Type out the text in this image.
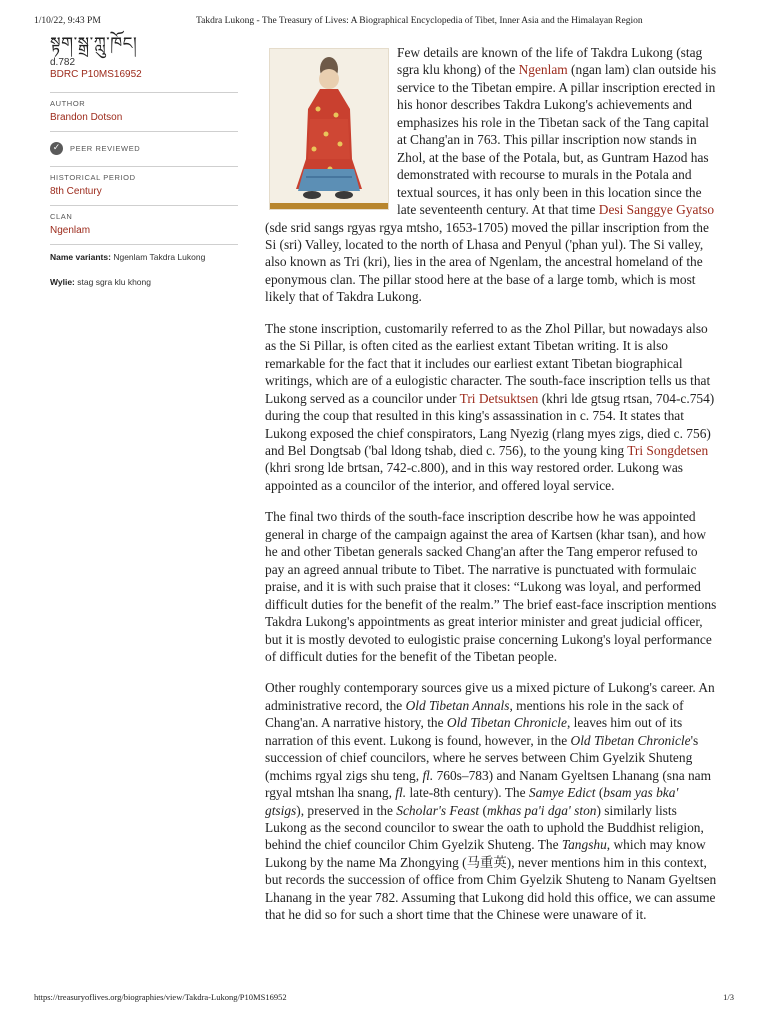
1/10/22, 9:43 PM	Takdra Lukong - The Treasury of Lives: A Biographical Encyclopedia of Tibet, Inner Asia and the Himalayan Region
སྟག་སྒྲ་ཀླུ་ཁོང།
d.782
BDRC P10MS16952
AUTHOR
Brandon Dotson
✓	PEER REVIEWED
HISTORICAL PERIOD
8th Century
CLAN
Ngenlam
Name variants: Ngenlam Takdra Lukong
Wylie: stag sgra klu khong

Few details are known of the life of Takdra Lukong (stag sgra klu khong) of the Ngenlam (ngan lam) clan outside his service to the Tibetan empire. A pillar inscription erected in his honor describes Takdra Lukong's achievements and emphasizes his role in the Tibetan sack of the Tang capital at Chang'an in 763. This pillar inscription now stands in Zhol, at the base of the Potala, but, as Guntram Hazod has demonstrated with recourse to murals in the Potala and textual sources, it has only been in this location since the late seventeenth century. At that time Desi Sanggye Gyatso (sde srid sangs rgyas rgya mtsho, 1653-1705) moved the pillar inscription from the Si (sri) Valley, located to the north of Lhasa and Penyul ('phan yul). The Si valley, also known as Tri (kri), lies in the area of Ngenlam, the ancestral homeland of the eponymous clan. The pillar stood here at the base of a large tomb, which is most likely that of Takdra Lukong.

The stone inscription, customarily referred to as the Zhol Pillar, but nowadays also as the Si Pillar, is often cited as the earliest extant Tibetan writing. It is also remarkable for the fact that it includes our earliest extant Tibetan biographical writings, which are of a eulogistic character. The south-face inscription tells us that Lukong served as a councilor under Tri Detsuktsen (khri lde gtsug rtsan, 704-c.754) during the coup that resulted in this king's assassination in c. 754. It states that Lukong exposed the chief conspirators, Lang Nyezig (rlang myes zigs, died c. 756) and Bel Dongtsab ('bal ldong tshab, died c. 756), to the young king Tri Songdetsen (khri srong lde brtsan, 742-c.800), and in this way restored order. Lukong was appointed as a councilor of the interior, and offered loyal service.

The final two thirds of the south-face inscription describe how he was appointed general in charge of the campaign against the area of Kartsen (khar tsan), and how he and other Tibetan generals sacked Chang'an after the Tang emperor refused to pay an agreed annual tribute to Tibet. The narrative is punctuated with formulaic praise, and it is with such praise that it closes: “Lukong was loyal, and performed difficult duties for the benefit of the realm.” The brief east-face inscription mentions Takdra Lukong's appointments as great interior minister and great judicial officer, but it is mostly devoted to eulogistic praise concerning Lukong's loyal performance of difficult duties for the benefit of the Tibetan people.

Other roughly contemporary sources give us a mixed picture of Lukong's career. An administrative record, the Old Tibetan Annals, mentions his role in the sack of Chang'an. A narrative history, the Old Tibetan Chronicle, leaves him out of its narration of this event. Lukong is found, however, in the Old Tibetan Chronicle's succession of chief councilors, where he serves between Chim Gyelzik Shuteng (mchims rgyal zigs shu teng, fl. 760s–783) and Nanam Gyeltsen Lhanang (sna nam rgyal mtshan lha snang, fl. late-8th century). The Samye Edict (bsam yas bka' gtsigs), preserved in the Scholar's Feast (mkhas pa'i dga' ston) similarly lists Lukong as the second councilor to swear the oath to uphold the Buddhist religion, behind the chief councilor Chim Gyelzik Shuteng. The Tangshu, which may know Lukong by the name Ma Zhongying (马重英), never mentions him in this context, but records the succession of office from Chim Gyelzik Shuteng to Nanam Gyeltsen Lhanang in the year 782. Assuming that Lukong did hold this office, we can assume that he did so for such a short time that the Chinese were unaware of it.

https://treasuryoflives.org/biographies/view/Takdra-Lukong/P10MS16952	1/3
